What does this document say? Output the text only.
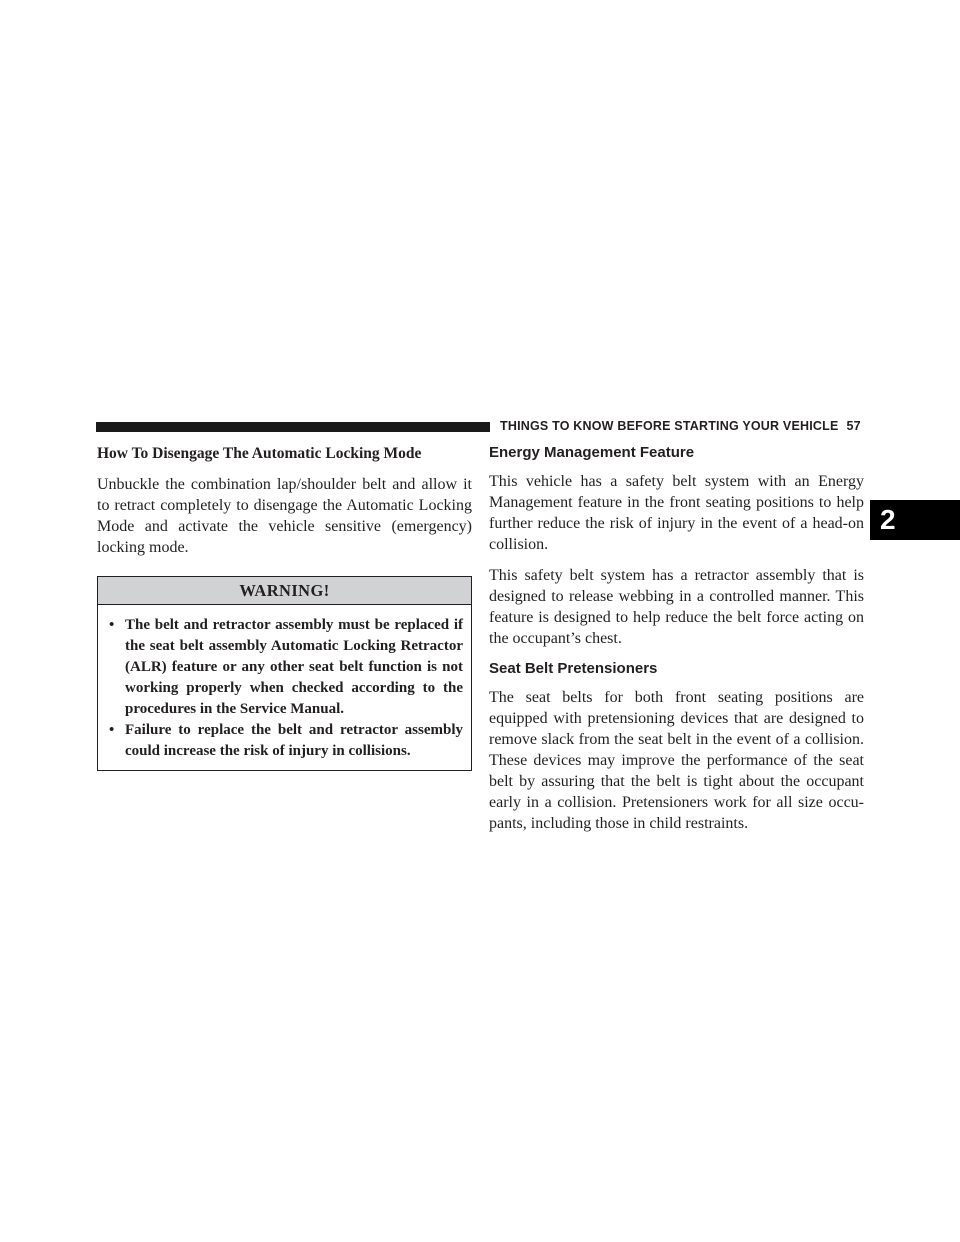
THINGS TO KNOW BEFORE STARTING YOUR VEHICLE 57
2
How To Disengage The Automatic Locking Mode

Unbuckle the combination lap/shoulder belt and allow it to retract completely to disengage the Automatic Locking Mode and activate the vehicle sensitive (emergency) locking mode.

WARNING!
• The belt and retractor assembly must be replaced if the seat belt assembly Automatic Locking Retractor (ALR) feature or any other seat belt function is not working properly when checked according to the procedures in the Service Manual.
• Failure to replace the belt and retractor assembly could increase the risk of injury in collisions.
Energy Management Feature

This vehicle has a safety belt system with an Energy Management feature in the front seating positions to help further reduce the risk of injury in the event of a head-on collision.

This safety belt system has a retractor assembly that is designed to release webbing in a controlled manner. This feature is designed to help reduce the belt force acting on the occupant’s chest.

Seat Belt Pretensioners

The seat belts for both front seating positions are equipped with pretensioning devices that are designed to remove slack from the seat belt in the event of a collision. These devices may improve the performance of the seat belt by assuring that the belt is tight about the occupant early in a collision. Pretensioners work for all size occu-pants, including those in child restraints.
